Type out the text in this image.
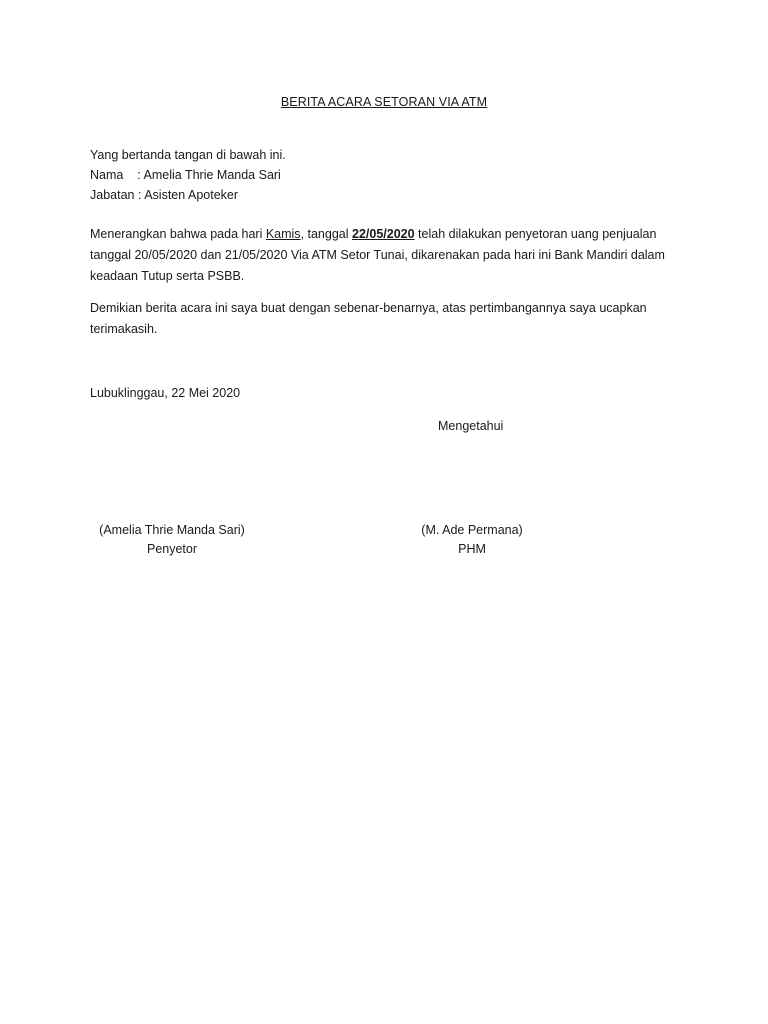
BERITA ACARA SETORAN VIA ATM
Yang bertanda tangan di bawah ini.
Nama    : Amelia Thrie Manda Sari
Jabatan : Asisten Apoteker
Menerangkan bahwa pada hari Kamis, tanggal 22/05/2020 telah dilakukan penyetoran uang penjualan
tanggal 20/05/2020 dan 21/05/2020 Via ATM Setor Tunai, dikarenakan pada hari ini Bank Mandiri dalam
keadaan Tutup serta PSBB.
Demikian berita acara ini saya buat dengan sebenar-benarnya, atas pertimbangannya saya ucapkan
terimakasih.
Lubuklinggau, 22 Mei 2020
Mengetahui
(Amelia Thrie Manda Sari)
Penyetor
(M. Ade Permana)
PHM
